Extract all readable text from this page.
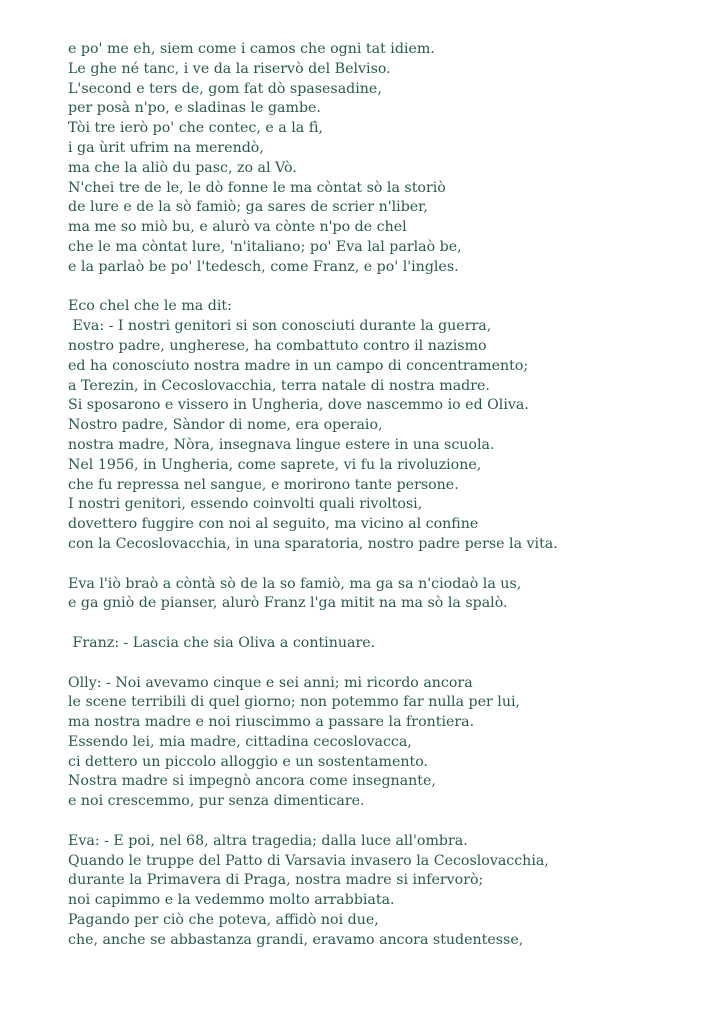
e po' me eh, siem come i camos che ogni tat idiem.
Le ghe né tanc, i ve da la riservò del Belviso.
L'second e ters de, gom fat dò spasesadine,
per posà n'po, e sladinas le gambe.
Tòi tre ierò po' che contec, e a la fì,
i ga ùrit ufrim na merendò,
ma che la aliò du pasc, zo al Vò.
N'chei tre de le, le dò fonne le ma còntat sò la storiò
de lure e de la sò famiò; ga sares de scrier n'liber,
ma me so miò bu, e alurò va cònte n'po de chel
che le ma còntat lure, 'n'italiano; po' Eva lal parlaò be,
e la parlaò be po' l'tedesch, come Franz, e po' l'ingles.
Eco chel che le ma dit:
Eva: - I nostri genitori si son conosciuti durante la guerra,
nostro padre, ungherese, ha combattuto contro il nazismo
ed ha conosciuto nostra madre in un campo di concentramento;
a Terezin, in Cecoslovacchia, terra natale di nostra madre.
Si sposarono e vissero in Ungheria, dove nascemmo io ed Oliva.
Nostro padre, Sàndor di nome, era operaio,
nostra madre, Nòra, insegnava lingue estere in una scuola.
Nel 1956, in Ungheria, come saprete, vi fu la rivoluzione,
che fu repressa nel sangue, e morirono tante persone.
I nostri genitori, essendo coinvolti quali rivoltosi,
dovettero fuggire con noi al seguito, ma vicino al confine
con la Cecoslovacchia, in una sparatoria, nostro padre perse la vita.
Eva l'iò braò a còntà sò de la so famiò, ma ga sa n'ciodaò la us,
e ga gniò de pianser, alurò Franz l'ga mitit na ma sò la spalò.
Franz: - Lascia che sia Oliva a continuare.
Olly: - Noi avevamo cinque e sei anni; mi ricordo ancora
le scene terribili di quel giorno; non potemmo far nulla per lui,
ma nostra madre e noi riuscimmo a passare la frontiera.
Essendo lei, mia madre, cittadina cecoslovacca,
ci dettero un piccolo alloggio e un sostentamento.
Nostra madre si impegnò ancora come insegnante,
e noi crescemmo, pur senza dimenticare.
Eva: - E poi, nel 68, altra tragedia; dalla luce all'ombra.
Quando le truppe del Patto di Varsavia invasero la Cecoslovacchia,
durante la Primavera di Praga, nostra madre si infervorò;
noi capimmo e la vedemmo molto arrabbiata.
Pagando per ciò che poteva, affidò noi due,
che, anche se abbastanza grandi, eravamo ancora studentesse,
